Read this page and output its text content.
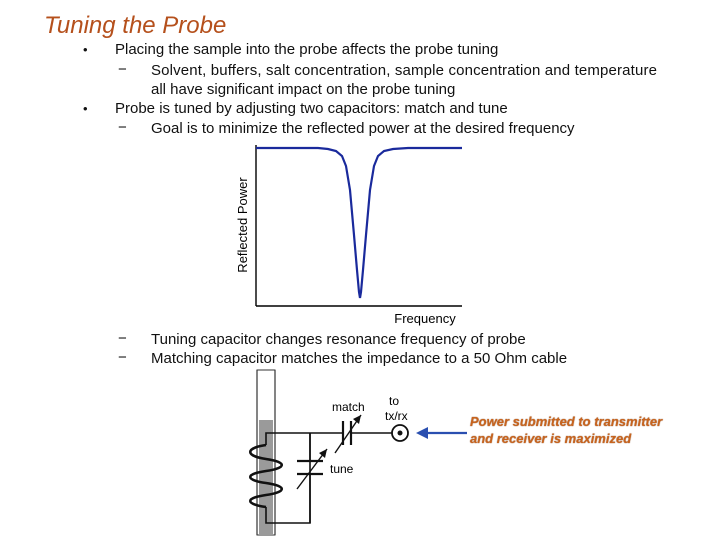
Tuning the Probe
• Placing the sample into the probe affects the probe tuning
− Solvent, buffers, salt concentration, sample concentration and temperature
all have significant impact on the probe tuning
• Probe is tuned by adjusting two capacitors: match and tune
− Goal is to minimize the reflected power at the desired frequency
Frequency
Reflected Power
− Tuning capacitor changes resonance frequency of probe
− Matching capacitor matches the impedance to a 50 Ohm cable
match
tune
to
tx/rx	Power submitted to transmitter
and receiver is maximized
